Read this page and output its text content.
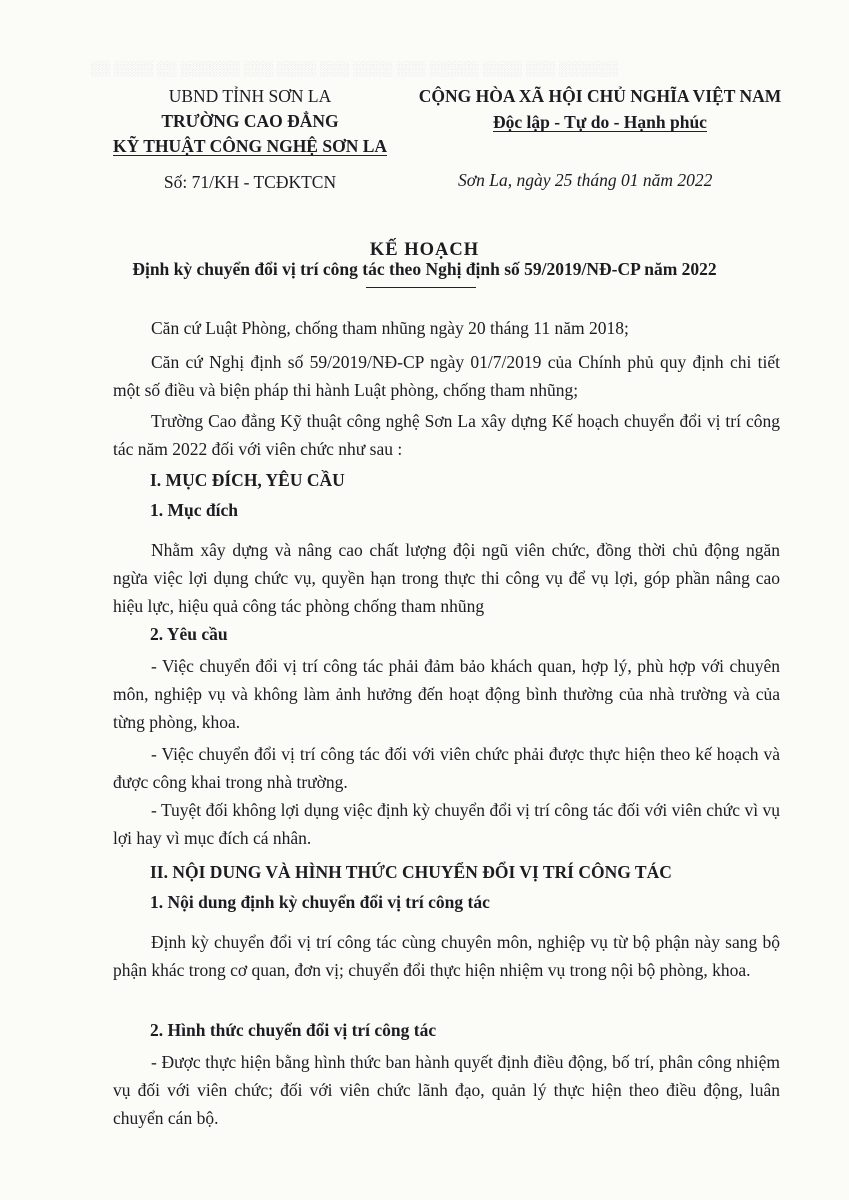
░░ ░░░░ ░░ ░░░░░░ ░░░ ░░░░ ░░░ ░░░░ ░░░ ░░░░░ ░░░░ ░░░ ░░░░░░
UBND TỈNH SƠN LA
TRƯỜNG CAO ĐẲNG
KỸ THUẬT CÔNG NGHỆ SƠN LA
Số: 71/KH - TCĐKTCN
CỘNG HÒA XÃ HỘI CHỦ NGHĨA VIỆT NAM
Độc lập - Tự do - Hạnh phúc
Sơn La, ngày 25 tháng 01 năm 2022
KẾ HOẠCH
Định kỳ chuyển đổi vị trí công tác theo Nghị định số 59/2019/NĐ-CP năm 2022

Căn cứ Luật Phòng, chống tham nhũng ngày 20 tháng 11 năm 2018;

Căn cứ Nghị định số 59/2019/NĐ-CP ngày 01/7/2019 của Chính phủ quy định chi tiết một số điều và biện pháp thi hành Luật phòng, chống tham nhũng;

Trường Cao đẳng Kỹ thuật công nghệ Sơn La xây dựng Kế hoạch chuyển đổi vị trí công tác năm 2022 đối với viên chức như sau :

I. MỤC ĐÍCH, YÊU CẦU
1. Mục đích

Nhằm xây dựng và nâng cao chất lượng đội ngũ viên chức, đồng thời chủ động ngăn ngừa việc lợi dụng chức vụ, quyền hạn trong thực thi công vụ để vụ lợi, góp phần nâng cao hiệu lực, hiệu quả công tác phòng chống tham nhũng

2. Yêu cầu

- Việc chuyển đổi vị trí công tác phải đảm bảo khách quan, hợp lý, phù hợp với chuyên môn, nghiệp vụ và không làm ảnh hưởng đến hoạt động bình thường của nhà trường và của từng phòng, khoa.

- Việc chuyển đổi vị trí công tác đối với viên chức phải được thực hiện theo kế hoạch và được công khai trong nhà trường.

- Tuyệt đối không lợi dụng việc định kỳ chuyển đổi vị trí công tác đối với viên chức vì vụ lợi hay vì mục đích cá nhân.

II. NỘI DUNG VÀ HÌNH THỨC CHUYỂN ĐỔI VỊ TRÍ CÔNG TÁC
1. Nội dung định kỳ chuyển đổi vị trí công tác

Định kỳ chuyển đổi vị trí công tác cùng chuyên môn, nghiệp vụ từ bộ phận này sang bộ phận khác trong cơ quan, đơn vị; chuyển đổi thực hiện nhiệm vụ trong nội bộ phòng, khoa.

2. Hình thức chuyển đổi vị trí công tác

- Được thực hiện bằng hình thức ban hành quyết định điều động, bố trí, phân công nhiệm vụ đối với viên chức; đối với viên chức lãnh đạo, quản lý thực hiện theo điều động, luân chuyển cán bộ.
